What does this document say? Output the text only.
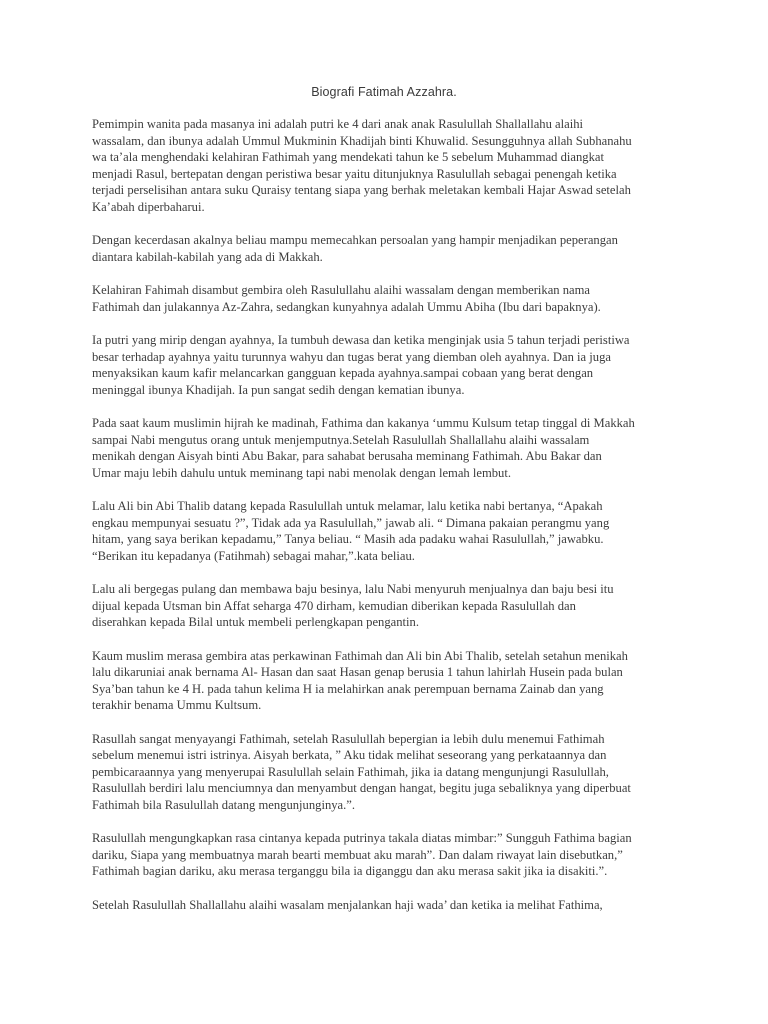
Biografi Fatimah Azzahra.

Pemimpin wanita pada masanya ini adalah putri ke 4 dari anak anak Rasulullah Shallallahu alaihi
wassalam, dan ibunya adalah Ummul Mukminin Khadijah binti Khuwalid. Sesungguhnya allah Subhanahu
wa ta’ala menghendaki kelahiran Fathimah yang mendekati tahun ke 5 sebelum Muhammad diangkat
menjadi Rasul, bertepatan dengan peristiwa besar yaitu ditunjuknya Rasulullah sebagai penengah ketika
terjadi perselisihan antara suku Quraisy tentang siapa yang berhak meletakan kembali Hajar Aswad setelah
Ka’abah diperbaharui.

Dengan kecerdasan akalnya beliau mampu memecahkan persoalan yang hampir menjadikan peperangan
diantara kabilah-kabilah yang ada di Makkah.

Kelahiran Fahimah disambut gembira oleh Rasulullahu alaihi wassalam dengan memberikan nama
Fathimah dan julakannya Az-Zahra, sedangkan kunyahnya adalah Ummu Abiha (Ibu dari bapaknya).

Ia putri yang mirip dengan ayahnya, Ia tumbuh dewasa dan ketika menginjak usia 5 tahun terjadi peristiwa
besar terhadap ayahnya yaitu turunnya wahyu dan tugas berat yang diemban oleh ayahnya. Dan ia juga
menyaksikan kaum kafir melancarkan gangguan kepada ayahnya.sampai cobaan yang berat dengan
meninggal ibunya Khadijah. Ia pun sangat sedih dengan kematian ibunya.

Pada saat kaum muslimin hijrah ke madinah, Fathima dan kakanya ‘ummu Kulsum tetap tinggal di Makkah
sampai Nabi mengutus orang untuk menjemputnya.Setelah Rasulullah Shallallahu alaihi wassalam
menikah dengan Aisyah binti Abu Bakar, para sahabat berusaha meminang Fathimah. Abu Bakar dan
Umar maju lebih dahulu untuk meminang tapi nabi menolak dengan lemah lembut.

Lalu Ali bin Abi Thalib datang kepada Rasulullah untuk melamar, lalu ketika nabi bertanya, “Apakah
engkau mempunyai sesuatu ?”, Tidak ada ya Rasulullah,” jawab ali. “ Dimana pakaian perangmu yang
hitam, yang saya berikan kepadamu,” Tanya beliau. “ Masih ada padaku wahai Rasulullah,” jawabku.
“Berikan itu kepadanya (Fatihmah) sebagai mahar,”.kata beliau.

Lalu ali bergegas pulang dan membawa baju besinya, lalu Nabi menyuruh menjualnya dan baju besi itu
dijual kepada Utsman bin Affat seharga 470 dirham, kemudian diberikan kepada Rasulullah dan
diserahkan kepada Bilal untuk membeli perlengkapan pengantin.

Kaum muslim merasa gembira atas perkawinan Fathimah dan Ali bin Abi Thalib, setelah setahun menikah
lalu dikaruniai anak bernama Al- Hasan dan saat Hasan genap berusia 1 tahun lahirlah Husein pada bulan
Sya’ban tahun ke 4 H. pada tahun kelima H ia melahirkan anak perempuan bernama Zainab dan yang
terakhir benama Ummu Kultsum.

Rasullah sangat menyayangi Fathimah, setelah Rasulullah bepergian ia lebih dulu menemui Fathimah
sebelum menemui istri istrinya. Aisyah berkata, ” Aku tidak melihat seseorang yang perkataannya dan
pembicaraannya yang menyerupai Rasulullah selain Fathimah, jika ia datang mengunjungi Rasulullah,
Rasulullah berdiri lalu menciumnya dan menyambut dengan hangat, begitu juga sebaliknya yang diperbuat
Fathimah bila Rasulullah datang mengunjunginya.”.

Rasulullah mengungkapkan rasa cintanya kepada putrinya takala diatas mimbar:” Sungguh Fathima bagian
dariku, Siapa yang membuatnya marah bearti membuat aku marah”. Dan dalam riwayat lain disebutkan,”
Fathimah bagian dariku, aku merasa terganggu bila ia diganggu dan aku merasa sakit jika ia disakiti.”.

Setelah Rasulullah Shallallahu alaihi wasalam menjalankan haji wada’ dan ketika ia melihat Fathima,
